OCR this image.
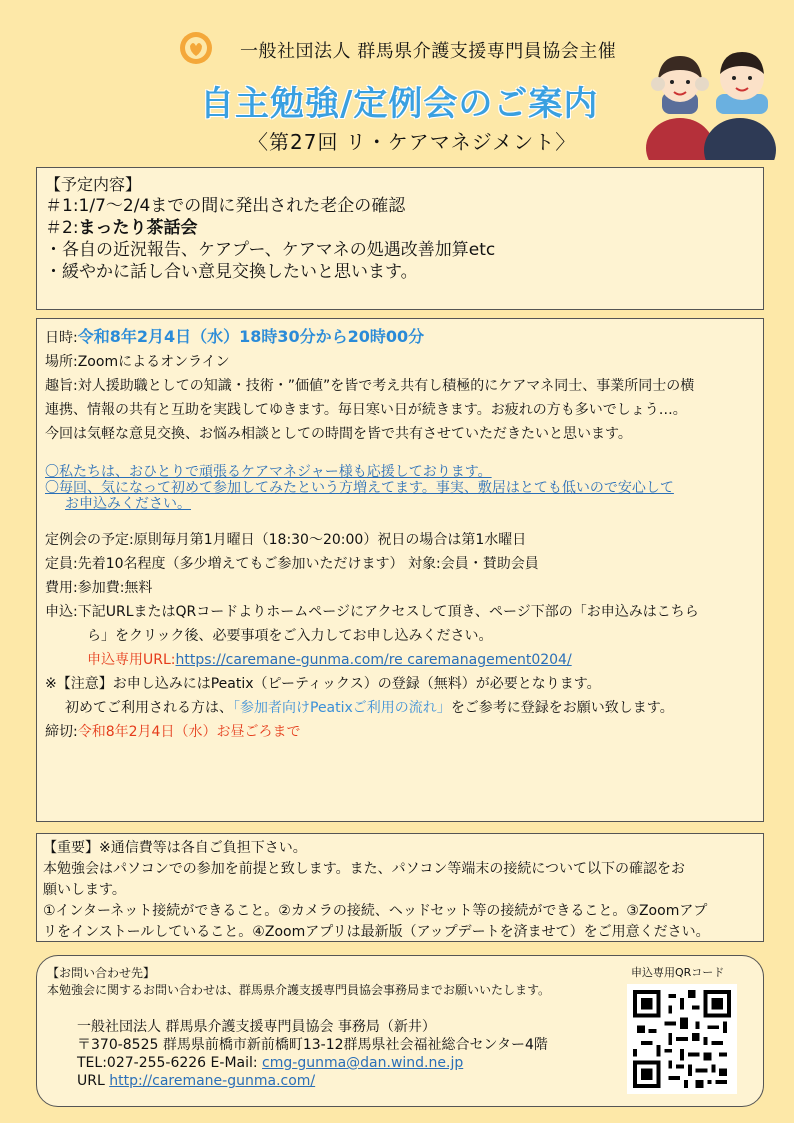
一般社団法人 群馬県介護支援専門員協会主催
自主勉強/定例会のご案内
〈第27回 リ・ケアマネジメント〉
【予定内容】
＃1:1/7～2/4までの間に発出された老企の確認
＃2:まったり茶話会
・各自の近況報告、ケアプー、ケアマネの処遇改善加算etc
・緩やかに話し合い意見交換したいと思います。
日時:令和8年2月4日（水）18時30分から20時00分
場所:Zoomによるオンライン
趣旨:対人援助職としての知識・技術・”価値”を皆で考え共有し積極的にケアマネ同士、事業所同士の横
連携、情報の共有と互助を実践してゆきます。毎日寒い日が続きます。お疲れの方も多いでしょう…。
今回は気軽な意見交換、お悩み相談としての時間を皆で共有させていただきたいと思います。
〇私たちは、おひとりで頑張るケアマネジャー様も応援しております。
〇毎回、気になって初めて参加してみたという方増えてます。事実、敷居はとても低いので安心して
お申込みください。
定例会の予定:原則毎月第1月曜日（18:30～20:00）祝日の場合は第1水曜日
定員:先着10名程度（多少増えてもご参加いただけます） 対象:会員・賛助会員
費用:参加費:無料
申込:下記URLまたはQRコードよりホームページにアクセスして頂き、ページ下部の「お申込みはこちら
ら」をクリック後、必要事項をご入力してお申し込みください。
申込専用URL:https://caremane-gunma.com/re caremanagement0204/
※【注意】お申し込みにはPeatix（ピーティックス）の登録（無料）が必要となります。
初めてご利用される方は、「参加者向けPeatixご利用の流れ」をご参考に登録をお願い致します。
締切:令和8年2月4日（水）お昼ごろまで
【重要】※通信費等は各自ご負担下さい。
本勉強会はパソコンでの参加を前提と致します。また、パソコン等端末の接続について以下の確認をお
願いします。
①インターネット接続ができること。②カメラの接続、ヘッドセット等の接続ができること。③Zoomアプ
リをインストールしていること。④Zoomアプリは最新版（アップデートを済ませて）をご用意ください。
【お問い合わせ先】
本勉強会に関するお問い合わせは、群馬県介護支援専門員協会事務局までお願いいたします。
一般社団法人 群馬県介護支援専門員協会 事務局（新井）
〒370-8525 群馬県前橋市新前橋町13-12群馬県社会福祉総合センター4階
TEL:027-255-6226 E-Mail: cmg-gunma@dan.wind.ne.jp
URL http://caremane-gunma.com/
申込専用QRコード
